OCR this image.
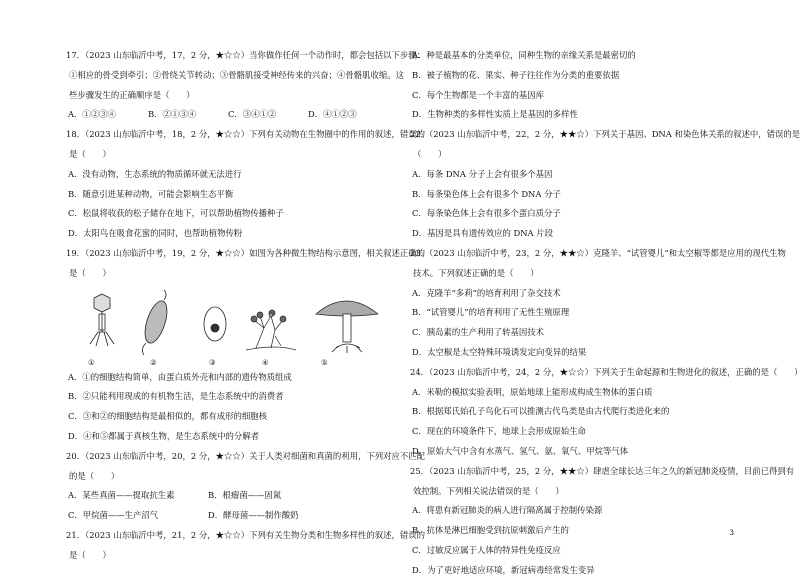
17．（2023 山东临沂中考，17，2 分，★☆☆）当你做作任何一个动作时，都会包括以下步骤：
①相应的骨受到牵引；②骨绕关节转动；③骨骼肌接受神经传来的兴奋；④骨骼肌收缩。这
些步骤发生的正确顺序是（　　）
A．①②③④	B．②①③④	C．③④①②	D．④①②③
18．（2023 山东临沂中考，18，2 分，★☆☆）下列有关动物在生物圈中的作用的叙述，错误的
是（　　）
A．没有动物，生态系统的物质循环就无法进行
B．随意引进某种动物，可能会影响生态平衡
C．松鼠将收获的松子储存在地下，可以帮助植物传播种子
D．太阳鸟在吸食花蜜的同时，也帮助植物传粉
19．（2023 山东临沂中考，19，2 分，★☆☆）如图为各种微生物结构示意图，相关叙述正确的
是（　　）
①	②	③	④	⑤
A．①的细胞结构简单，由蛋白质外壳和内部的遗传物质组成
B．②只能利用现成的有机物生活，是生态系统中的消费者
C．③和②的细胞结构是最相似的，都有成形的细胞核
D．④和⑤都属于真核生物，是生态系统中的分解者
20．（2023 山东临沂中考，20，2 分，★☆☆）关于人类对细菌和真菌的利用，下列对应不匹配
的是（　　）
A．某些真菌——提取抗生素	B．根瘤菌——固氮
C．甲烷菌——生产沼气	D．酵母菌——制作酸奶
21．（2023 山东临沂中考，21，2 分，★☆☆）下列有关生物分类和生物多样性的叙述，错误的
是（　　）
A．种是最基本的分类单位，同种生物的亲缘关系是最密切的
B．被子植物的花、果实、种子往往作为分类的重要依据
C．每个生物都是一个丰富的基因库
D．生物种类的多样性实质上是基因的多样性
22．（2023 山东临沂中考，22，2 分，★★☆）下列关于基因、DNA 和染色体关系的叙述中，错误的是
（　　）
A．每条 DNA 分子上会有很多个基因
B．每条染色体上会有很多个 DNA 分子
C．每条染色体上会有很多个蛋白质分子
D．基因是具有遗传效应的 DNA 片段
23．（2023 山东临沂中考，23，2 分，★★☆）克隆羊、“试管婴儿”和太空椒等都是应用的现代生物
技术。下列叙述正确的是（　　）
A．克隆羊“多莉”的培育利用了杂交技术
B．“试管婴儿”的培育利用了无性生殖原理
C．胰岛素的生产利用了转基因技术
D．太空椒是太空特殊环境诱发定向变异的结果
24．（2023 山东临沂中考，24，2 分，★☆☆）下列关于生命起源和生物进化的叙述，正确的是（　　）
A．米勒的模拟实验表明，原始地球上能形成构成生物体的蛋白质
B．根据郑氏始孔子鸟化石可以推测古代鸟类是由古代爬行类进化来的
C．现在的环境条件下，地球上会形成原始生命
D．原始大气中含有水蒸气、氢气、氨、氧气、甲烷等气体
25．（2023 山东临沂中考，25，2 分，★★☆）肆虐全球长达三年之久的新冠肺炎疫情，目前已得到有
效控制。下列相关说法错误的是（　　）
A．将患有新冠肺炎的病人进行隔离属于控制传染源
B．抗体是淋巴细胞受到抗原刺激后产生的
C．过敏反应属于人体的特异性免疫反应
D．为了更好地适应环境，新冠病毒经常发生变异
3
